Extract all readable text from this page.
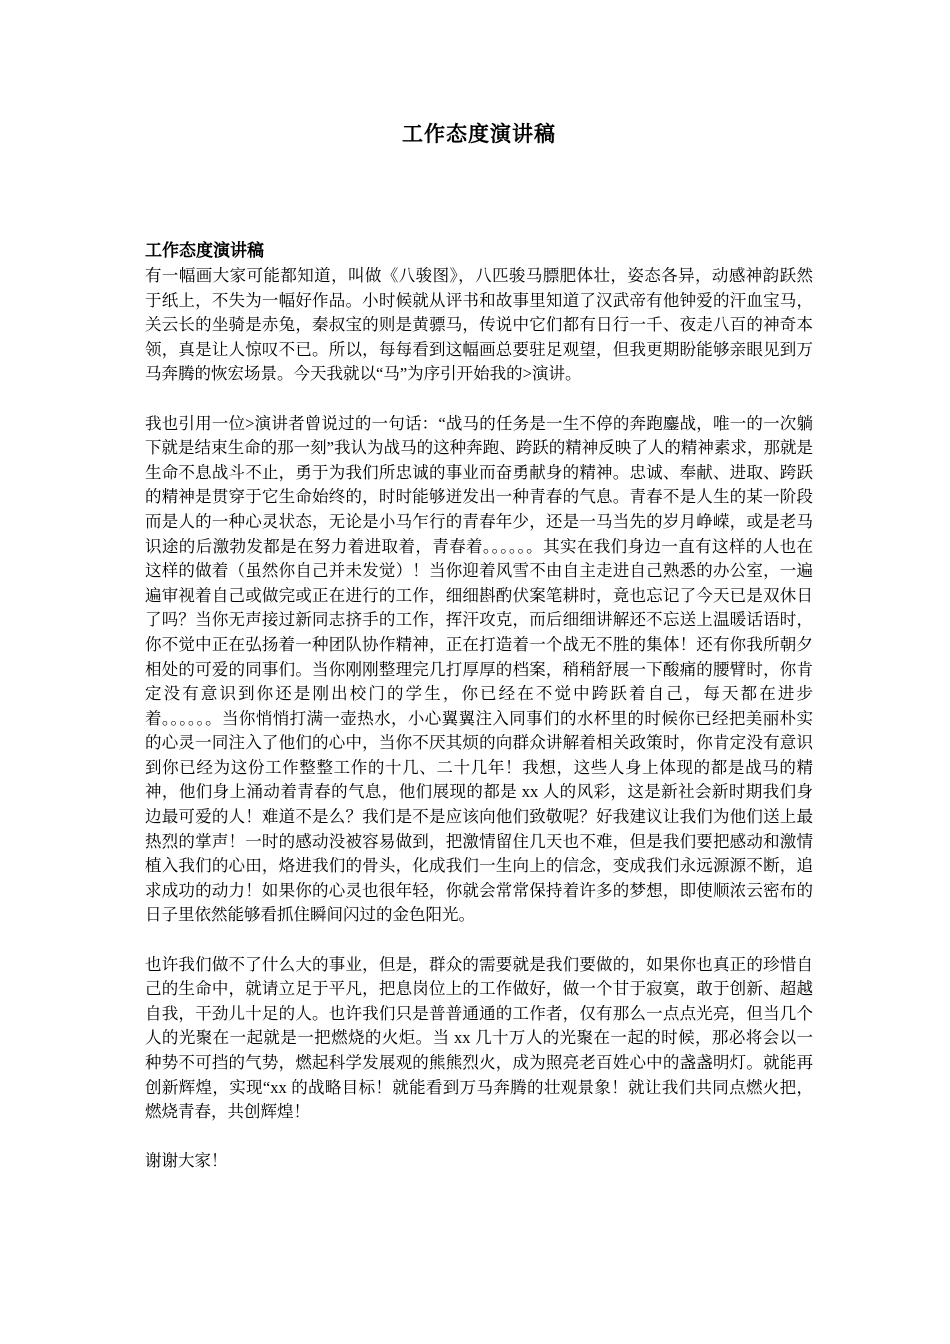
工作态度演讲稿
工作态度演讲稿

有一幅画大家可能都知道，叫做《八骏图》，八匹骏马膘肥体壮，姿态各异，动感神韵跃然于纸上，不失为一幅好作品。小时候就从评书和故事里知道了汉武帝有他钟爱的汗血宝马，关云长的坐骑是赤兔，秦叔宝的则是黄骠马，传说中它们都有日行一千、夜走八百的神奇本领，真是让人惊叹不已。所以，每每看到这幅画总要驻足观望，但我更期盼能够亲眼见到万马奔腾的恢宏场景。今天我就以“马”为序引开始我的>演讲。

我也引用一位>演讲者曾说过的一句话：“战马的任务是一生不停的奔跑鏖战，唯一的一次躺下就是结束生命的那一刻”我认为战马的这种奔跑、跨跃的精神反映了人的精神素求，那就是生命不息战斗不止，勇于为我们所忠诚的事业而奋勇献身的精神。忠诚、奉献、进取、跨跃的精神是贯穿于它生命始终的，时时能够迸发出一种青春的气息。青春不是人生的某一阶段而是人的一种心灵状态，无论是小马乍行的青春年少，还是一马当先的岁月峥嵘，或是老马识途的后激勃发都是在努力着进取着，青春着。。。。。。其实在我们身边一直有这样的人也在这样的做着（虽然你自己并未发觉）！当你迎着风雪不由自主走进自己熟悉的办公室，一遍遍审视着自己或做完或正在进行的工作，细细斟酌伏案笔耕时，竟也忘记了今天已是双休日了吗？当你无声接过新同志挤手的工作，挥汗攻克，而后细细讲解还不忘送上温暖话语时，你不觉中正在弘扬着一种团队协作精神，正在打造着一个战无不胜的集体！还有你我所朝夕相处的可爱的同事们。当你刚刚整理完几打厚厚的档案，稍稍舒展一下酸痛的腰臂时，你肯定没有意识到你还是刚出校门的学生，你已经在不觉中跨跃着自己，每天都在进步着。。。。。。当你悄悄打满一壶热水，小心翼翼注入同事们的水杯里的时候你已经把美丽朴实的心灵一同注入了他们的心中，当你不厌其烦的向群众讲解着相关政策时，你肯定没有意识到你已经为这份工作整整工作的十几、二十几年！我想，这些人身上体现的都是战马的精神，他们身上涌动着青春的气息，他们展现的都是 xx 人的风彩，这是新社会新时期我们身边最可爱的人！难道不是么？我们是不是应该向他们致敬呢？好我建议让我们为他们送上最热烈的掌声！一时的感动没被容易做到，把激情留住几天也不难，但是我们要把感动和激情植入我们的心田，烙进我们的骨头，化成我们一生向上的信念，变成我们永远源源不断，追求成功的动力！如果你的心灵也很年轻，你就会常常保持着许多的梦想，即使顺浓云密布的日子里依然能够看抓住瞬间闪过的金色阳光。

也许我们做不了什么大的事业，但是，群众的需要就是我们要做的，如果你也真正的珍惜自己的生命中，就请立足于平凡，把息岗位上的工作做好，做一个甘于寂寞，敢于创新、超越自我，干劲儿十足的人。也许我们只是普普通通的工作者，仅有那么一点点光亮，但当几个人的光聚在一起就是一把燃烧的火炬。当 xx 几十万人的光聚在一起的时候，那必将会以一种势不可挡的气势，燃起科学发展观的熊熊烈火，成为照亮老百姓心中的盏盏明灯。就能再创新辉煌，实现“xx 的战略目标！就能看到万马奔腾的壮观景象！就让我们共同点燃火把，燃烧青春，共创辉煌！

谢谢大家！
